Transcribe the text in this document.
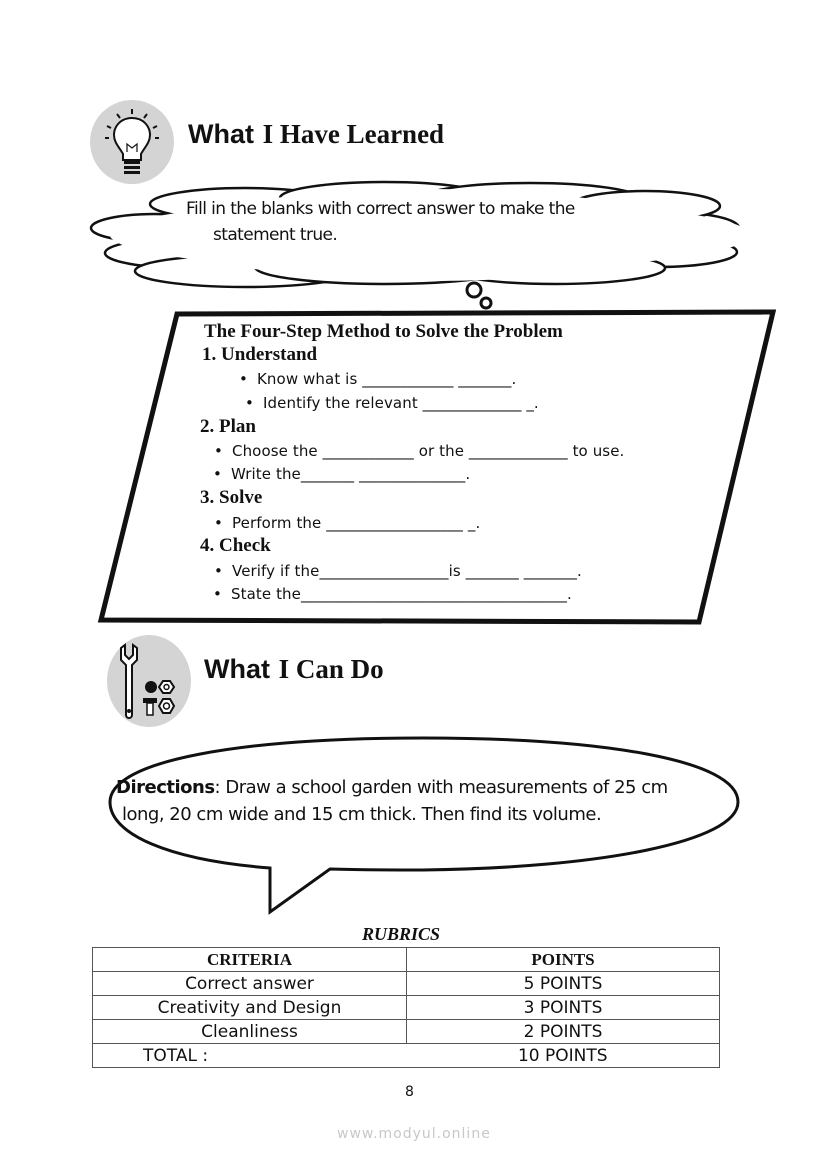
What I Have Learned
Fill in the blanks with correct answer to make the
statement true.
The Four-Step Method to Solve the Problem
1. Understand
• Know what is ____________ _______.
• Identify the relevant _____________ _.
2. Plan
• Choose the ____________ or the _____________ to use.
• Write the_______ ______________.
3. Solve
• Perform the __________________ _.
4. Check
• Verify if the_________________is _______ _______.
• State the___________________________________.
What I Can Do
Directions: Draw a school garden with measurements of 25 cm
long, 20 cm wide and 15 cm thick. Then find its volume.
RUBRICS
CRITERIA	POINTS
Correct answer	5 POINTS
Creativity and Design	3 POINTS
Cleanliness	2 POINTS
TOTAL :	10 POINTS
8
www.modyul.online
